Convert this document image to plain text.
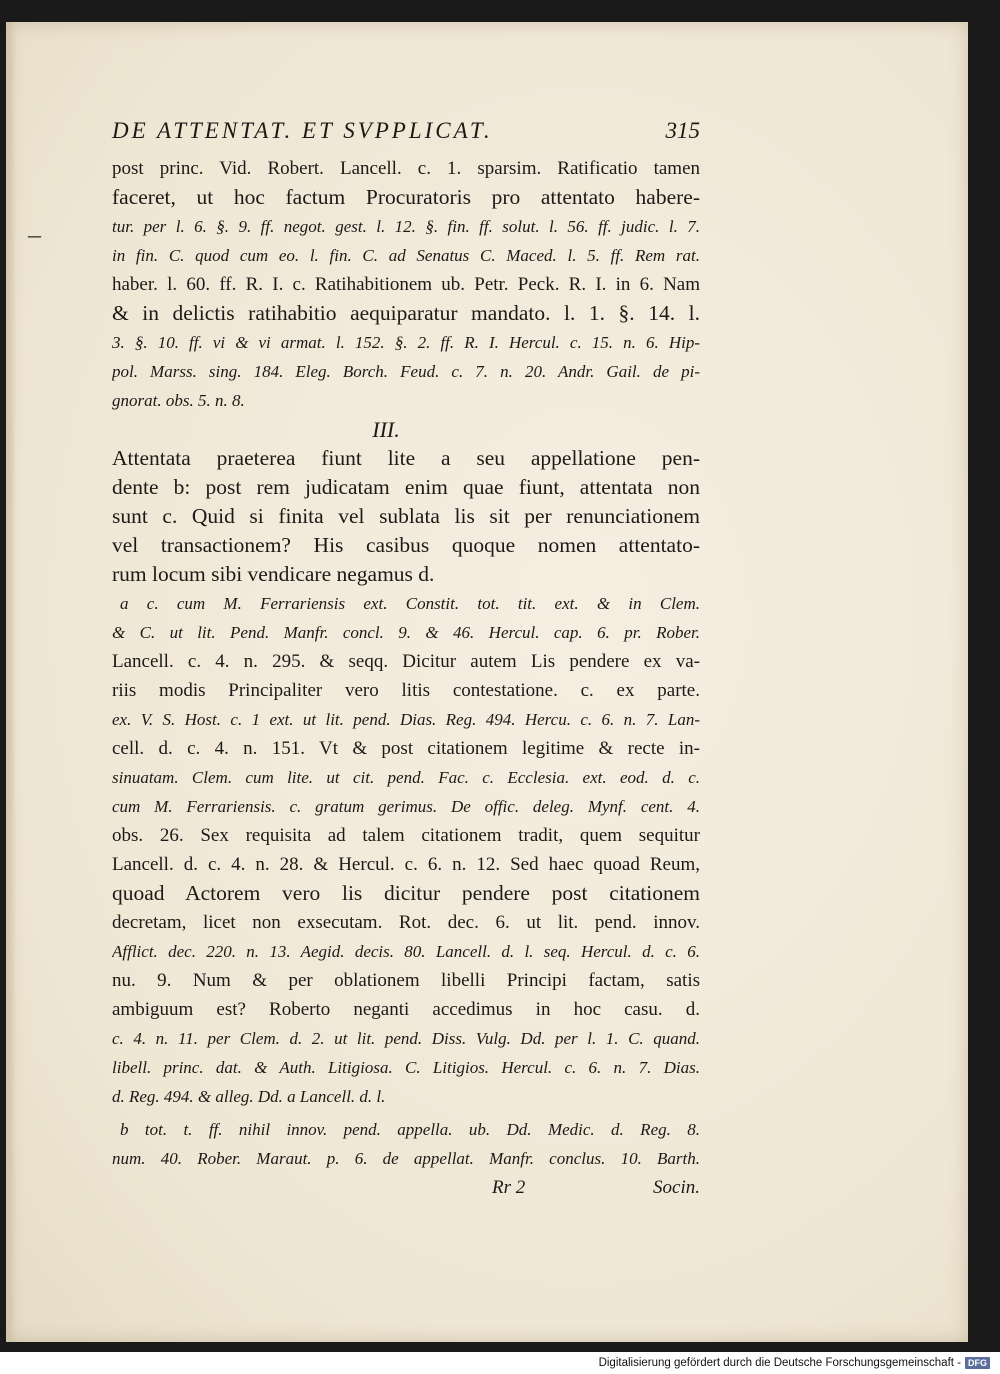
–
DE ATTENTAT. ET SVPPLICAT.	315
post princ. Vid. Robert. Lancell. c. 1. sparsim. Ratificatio tamen
faceret, ut hoc factum Procuratoris pro attentato habere-
tur. per l. 6. §. 9. ff. negot. gest. l. 12. §. fin. ff. solut. l. 56. ff. judic. l. 7.
in fin. C. quod cum eo. l. fin. C. ad Senatus C. Maced. l. 5. ff. Rem rat.
haber. l. 60. ff. R. I. c. Ratihabitionem ub. Petr. Peck. R. I. in 6. Nam
& in delictis ratihabitio aequiparatur mandato. l. 1. §. 14. l.
3. §. 10. ff. vi & vi armat. l. 152. §. 2. ff. R. I. Hercul. c. 15. n. 6. Hip-
pol. Marss. sing. 184. Eleg. Borch. Feud. c. 7. n. 20. Andr. Gail. de pi-
gnorat. obs. 5. n. 8.
III.
Attentata praeterea fiunt lite a seu appellatione pen-
dente b: post rem judicatam enim quae fiunt, attentata non
sunt c. Quid si finita vel sublata lis sit per renunciationem
vel transactionem? His casibus quoque nomen attentato-
rum locum sibi vendicare negamus d.
a c. cum M. Ferrariensis ext. Constit. tot. tit. ext. & in Clem.
& C. ut lit. Pend. Manfr. concl. 9. & 46. Hercul. cap. 6. pr. Rober.
Lancell. c. 4. n. 295. & seqq. Dicitur autem Lis pendere ex va-
riis modis Principaliter vero litis contestatione. c. ex parte.
ex. V. S. Host. c. 1 ext. ut lit. pend. Dias. Reg. 494. Hercu. c. 6. n. 7. Lan-
cell. d. c. 4. n. 151. Vt & post citationem legitime & recte in-
sinuatam. Clem. cum lite. ut cit. pend. Fac. c. Ecclesia. ext. eod. d. c.
cum M. Ferrariensis. c. gratum gerimus. De offic. deleg. Mynf. cent. 4.
obs. 26. Sex requisita ad talem citationem tradit, quem sequitur
Lancell. d. c. 4. n. 28. & Hercul. c. 6. n. 12. Sed haec quoad Reum,
quoad Actorem vero lis dicitur pendere post citationem
decretam, licet non exsecutam. Rot. dec. 6. ut lit. pend. innov.
Afflict. dec. 220. n. 13. Aegid. decis. 80. Lancell. d. l. seq. Hercul. d. c. 6.
nu. 9. Num & per oblationem libelli Principi factam, satis
ambiguum est? Roberto neganti accedimus in hoc casu. d.
c. 4. n. 11. per Clem. d. 2. ut lit. pend. Diss. Vulg. Dd. per l. 1. C. quand.
libell. princ. dat. & Auth. Litigiosa. C. Litigios. Hercul. c. 6. n. 7. Dias.
d. Reg. 494. & alleg. Dd. a Lancell. d. l.
b tot. t. ff. nihil innov. pend. appella. ub. Dd. Medic. d. Reg. 8.
num. 40. Rober. Maraut. p. 6. de appellat. Manfr. conclus. 10. Barth.
Rr 2	Socin.
Digitalisierung gefördert durch die Deutsche Forschungsgemeinschaft - DFG
